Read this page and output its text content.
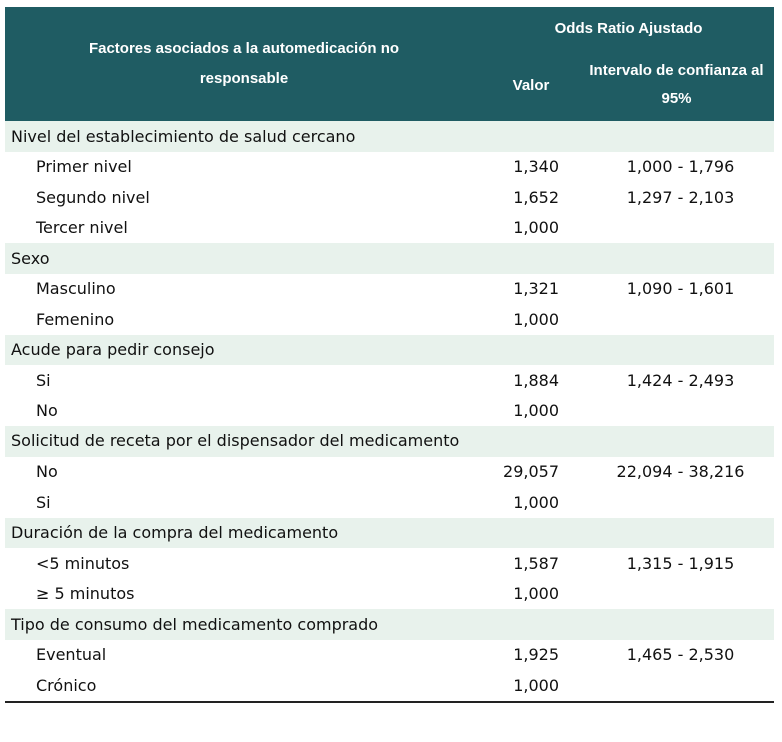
Factores asociados a la automedicación no responsable	Odds Ratio Ajustado	
	Valor	Intervalo de confianza al 95%
Nivel del establecimiento de salud cercano		
Primer nivel	1,340	1,000 - 1,796
Segundo nivel	1,652	1,297 - 2,103
Tercer nivel	1,000	
Sexo		
Masculino	1,321	1,090 - 1,601
Femenino	1,000	
Acude para pedir consejo		
Si	1,884	1,424 - 2,493
No	1,000	
Solicitud de receta por el dispensador del medicamento		
No	29,057	22,094 - 38,216
Si	1,000	
Duración de la compra del medicamento		
<5 minutos	1,587	1,315 - 1,915
≥ 5 minutos	1,000	
Tipo de consumo del medicamento comprado		
Eventual	1,925	1,465 - 2,530
Crónico	1,000	
